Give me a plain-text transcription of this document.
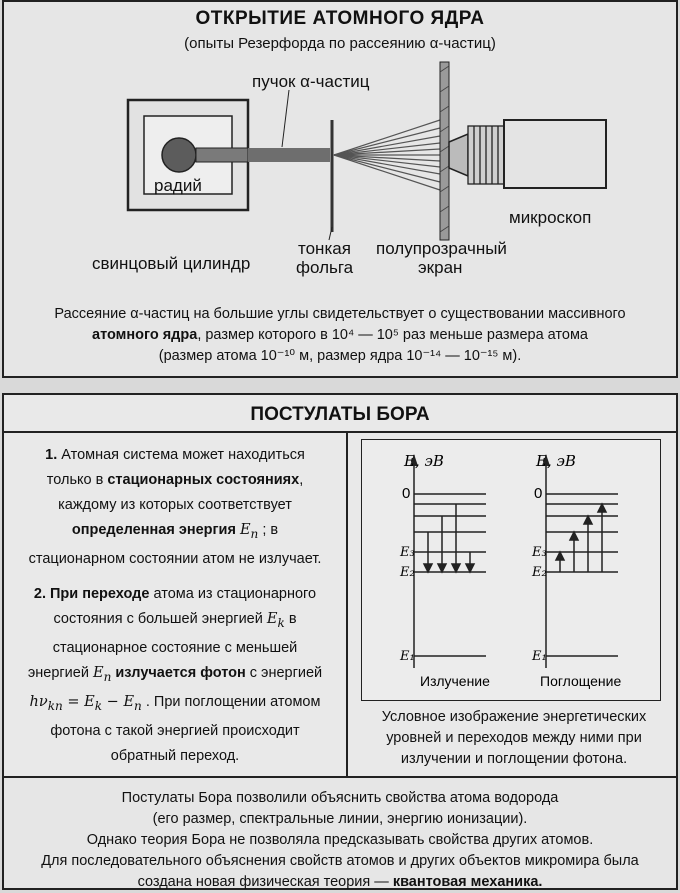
ОТКРЫТИЕ АТОМНОГО ЯДРА
(опыты Резерфорда по рассеянию α-частиц)
пучок α-частиц
радий
микроскоп
свинцовый цилиндр
тонкая
фольга
полупрозрачный
экран
Рассеяние α-частиц на большие углы свидетельствует о существовании массивного
атомного ядра, размер которого в 10⁴ — 10⁵ раз меньше размера атома
(размер атома 10⁻¹⁰ м, размер ядра 10⁻¹⁴ — 10⁻¹⁵ м).
ПОСТУЛАТЫ БОРА
1. Атомная система может находиться
только в стационарных состояниях,
каждому из которых соответствует
определенная энергия $E_n$ ; в
стационарном состоянии атом не излучает.
2. При переходе атома из стационарного
состояния с большей энергией $E_k$ в
стационарное состояние с меньшей
энергией $E_n$ излучается фотон с энергией
$h\nu_{kn} = E_k - E_n$ . При поглощении атомом
фотона с такой энергией происходит
обратный переход.
E, эВ
0
E₃
E₂
E₁
E, эВ
0
E₃
E₂
E₁
Излучение	Поглощение
Условное изображение энергетических
уровней и переходов между ними при
излучении и поглощении фотона.
Постулаты Бора позволили объяснить свойства атома водорода
(его размер, спектральные линии, энергию ионизации).
Однако теория Бора не позволяла предсказывать свойства других атомов.
Для последовательного объяснения свойств атомов и других объектов микромира была
создана новая физическая теория — квантовая механика.
